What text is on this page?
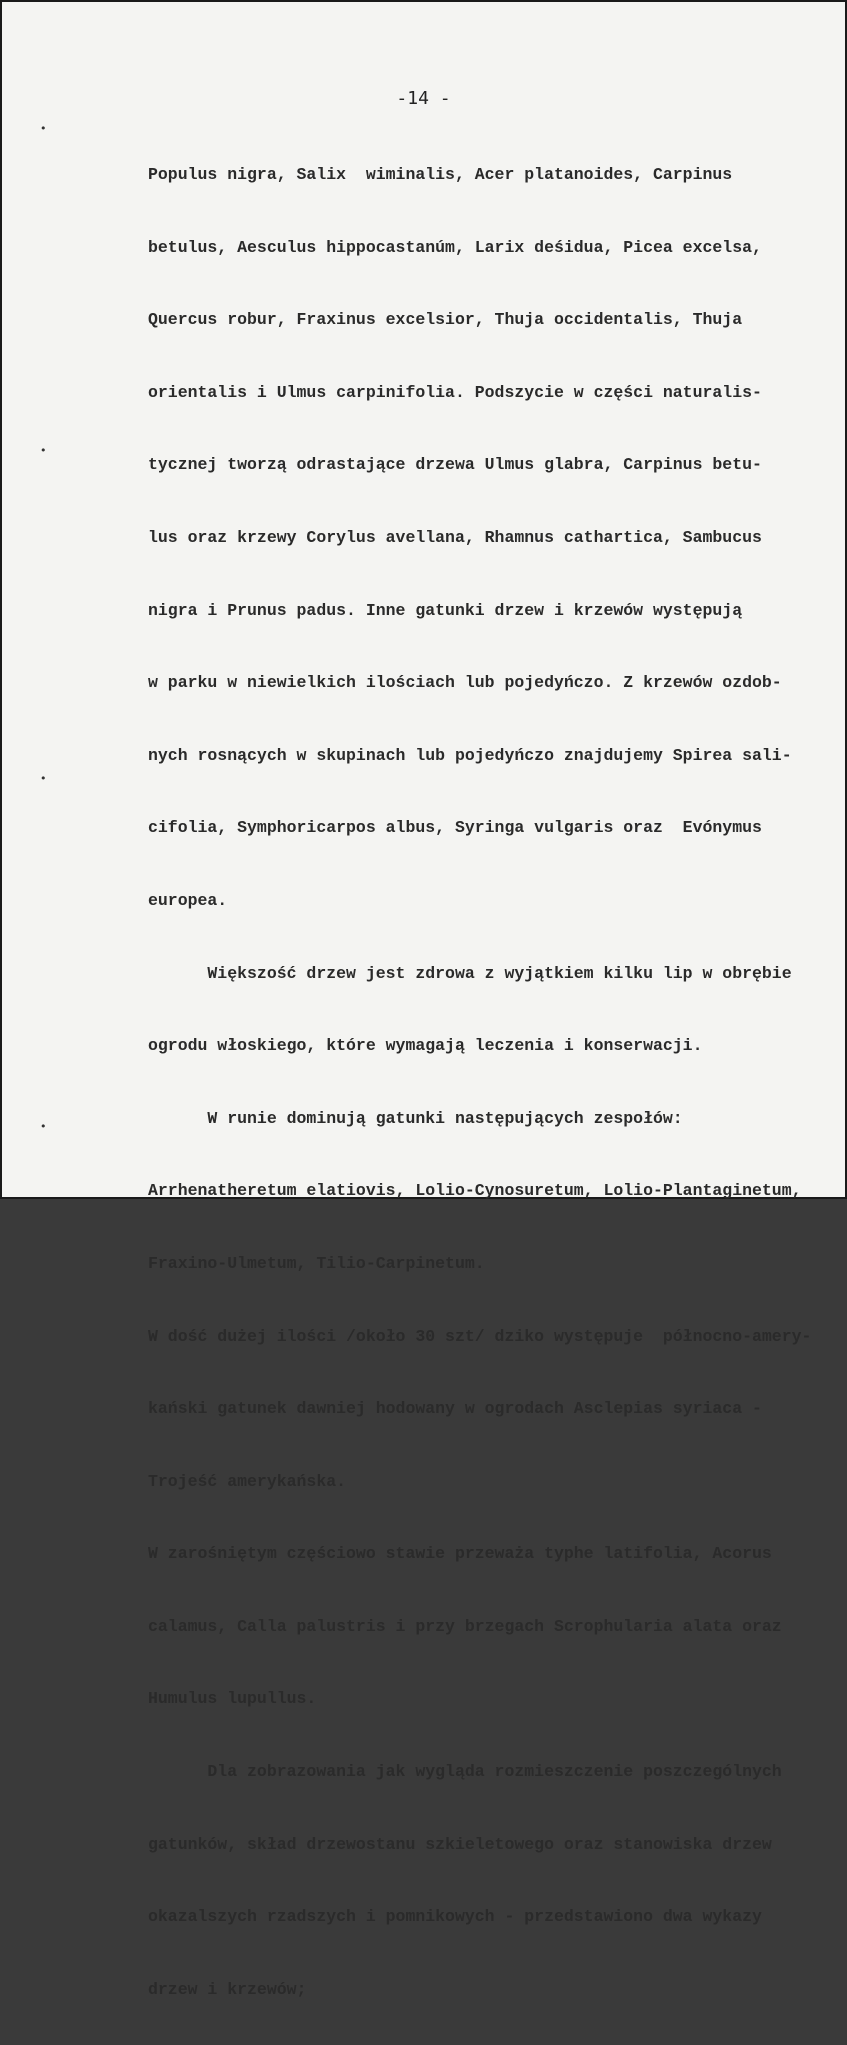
-14 -
•
•
•
•

Populus nigra, Salix  wiminalis, Acer platanoides, Carpinus

betulus, Aesculus hippocastanúm, Larix deśidua, Picea excelsa,

Quercus robur, Fraxinus excelsior, Thuja occidentalis, Thuja

orientalis i Ulmus carpinifolia. Podszycie w części naturalis-

tycznej tworzą odrastające drzewa Ulmus glabra, Carpinus betu-

lus oraz krzewy Corylus avellana, Rhamnus cathartica, Sambucus

nigra i Prunus padus. Inne gatunki drzew i krzewów występują

w parku w niewielkich ilościach lub pojedyńczo. Z krzewów ozdob-

nych rosnących w skupinach lub pojedyńczo znajdujemy Spirea sali-

cifolia, Symphoricarpos albus, Syringa vulgaris oraz  Evónymus

europea.

Większość drzew jest zdrowa z wyjątkiem kilku lip w obrębie

ogrodu włoskiego, które wymagają leczenia i konserwacji.

W runie dominują gatunki następujących zespołów:

Arrhenatheretum elatiovis, Lolio-Cynosuretum, Lolio-Plantaginetum,

Fraxino-Ulmetum, Tilio-Carpinetum.

W dość dużej ilości /około 30 szt/ dziko występuje  północno-amery-

kański gatunek dawniej hodowany w ogrodach Asclepias syriaca -

Trojeść amerykańska.

W zarośniętym częściowo stawie przeważa typhe latifolia, Acorus

calamus, Calla palustris i przy brzegach Scrophularia alata oraz

Humulus lupullus.

Dla zobrazowania jak wygląda rozmieszczenie poszczególnych

gatunków, skład drzewostanu szkieletowego oraz stanowiska drzew

okazalszych rzadszych i pomnikowych - przedstawiono dwa wykazy

drzew i krzewów;
